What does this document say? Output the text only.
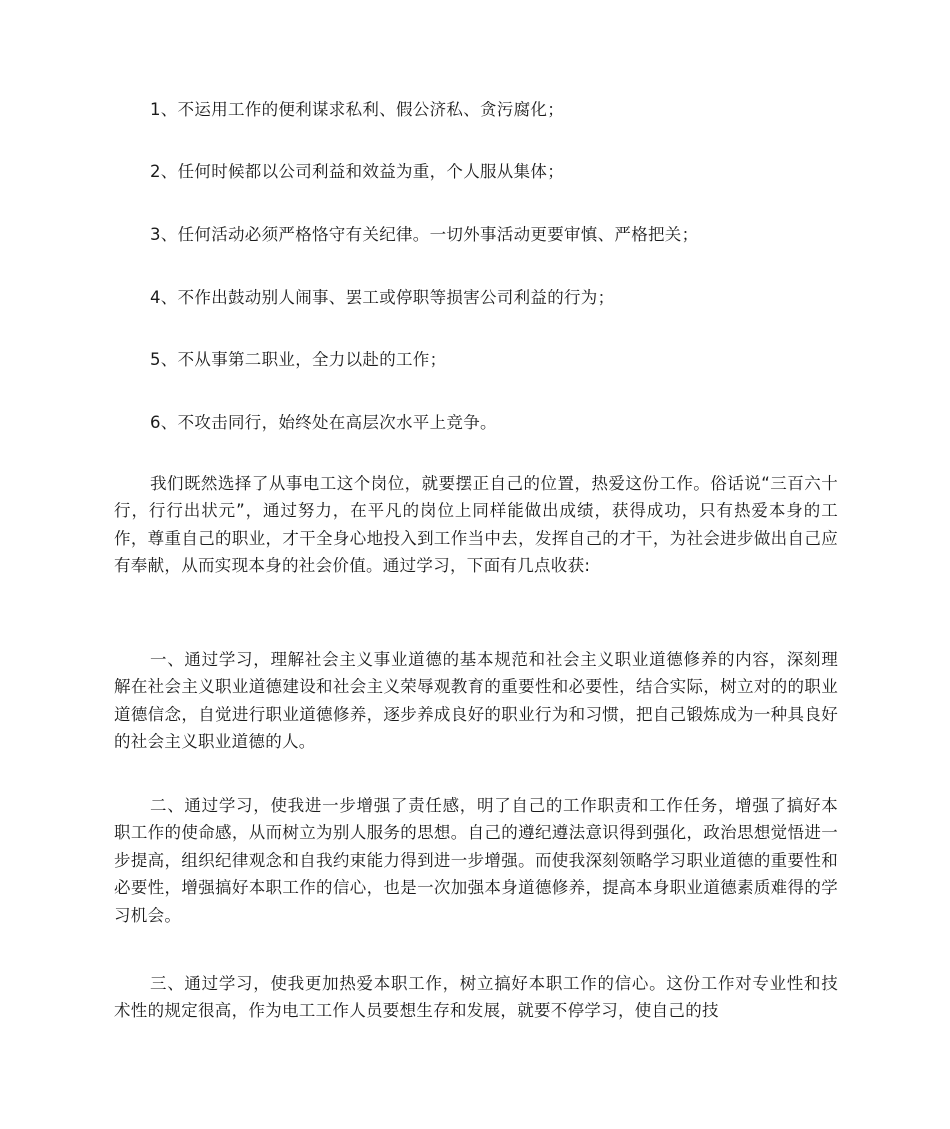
1、不运用工作的便利谋求私利、假公济私、贪污腐化；

2、任何时候都以公司利益和效益为重，个人服从集体；

3、任何活动必须严格恪守有关纪律。一切外事活动更要审慎、严格把关；

4、不作出鼓动别人闹事、罢工或停职等损害公司利益的行为；

5、不从事第二职业，全力以赴的工作；

6、不攻击同行，始终处在高层次水平上竞争。

我们既然选择了从事电工这个岗位，就要摆正自己的位置，热爱这份工作。俗话说“三百六十行，行行出状元”，通过努力，在平凡的岗位上同样能做出成绩，获得成功，只有热爱本身的工作，尊重自己的职业，才干全身心地投入到工作当中去，发挥自己的才干，为社会进步做出自己应有奉献，从而实现本身的社会价值。通过学习，下面有几点收获:

一、通过学习，理解社会主义事业道德的基本规范和社会主义职业道德修养的内容，深刻理解在社会主义职业道德建设和社会主义荣辱观教育的重要性和必要性，结合实际，树立对的的职业道德信念，自觉进行职业道德修养，逐步养成良好的职业行为和习惯，把自己锻炼成为一种具良好的社会主义职业道德的人。

二、通过学习，使我进一步增强了责任感，明了自己的工作职责和工作任务，增强了搞好本职工作的使命感，从而树立为别人服务的思想。自己的遵纪遵法意识得到强化，政治思想觉悟进一步提高，组织纪律观念和自我约束能力得到进一步增强。而使我深刻领略学习职业道德的重要性和必要性，增强搞好本职工作的信心，也是一次加强本身道德修养，提高本身职业道德素质难得的学习机会。

三、通过学习，使我更加热爱本职工作，树立搞好本职工作的信心。这份工作对专业性和技术性的规定很高，作为电工工作人员要想生存和发展，就要不停学习，使自己的技
